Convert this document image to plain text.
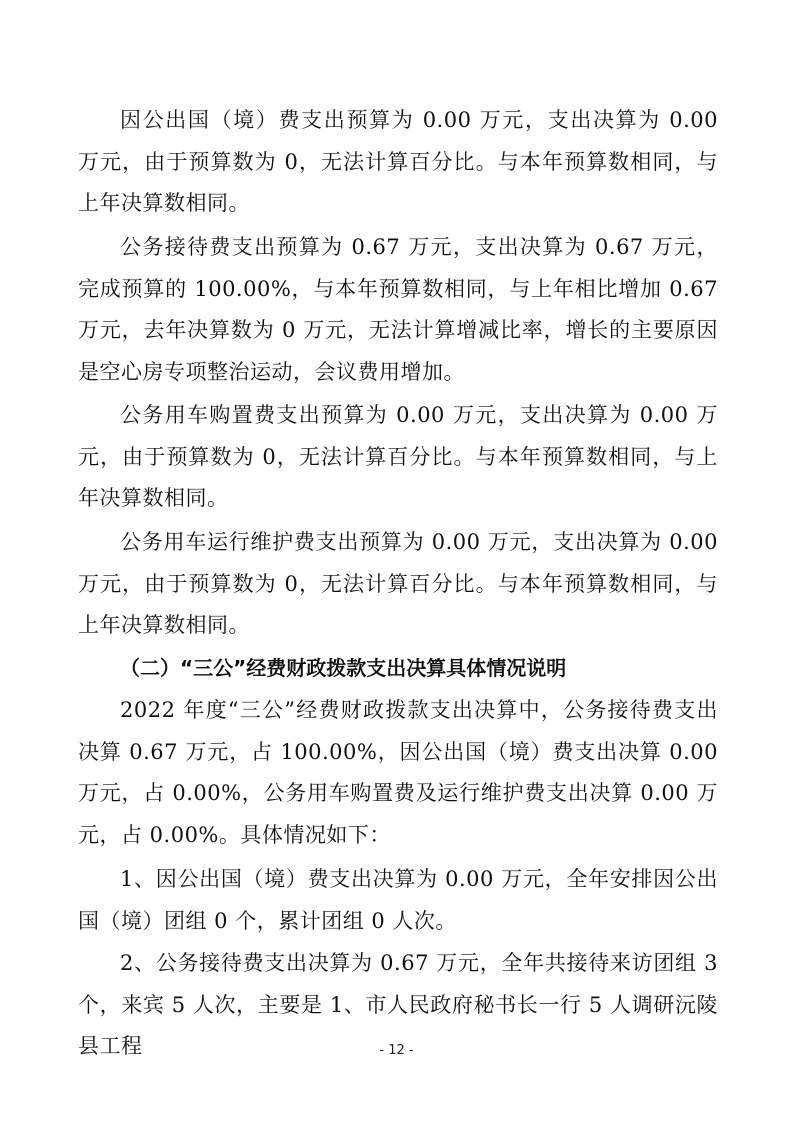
因公出国（境）费支出预算为 0.00 万元，支出决算为 0.00 万元，由于预算数为 0，无法计算百分比。与本年预算数相同，与上年决算数相同。

公务接待费支出预算为 0.67 万元，支出决算为 0.67 万元，完成预算的 100.00%，与本年预算数相同，与上年相比增加 0.67 万元，去年决算数为 0 万元，无法计算增减比率，增长的主要原因是空心房专项整治运动，会议费用增加。

公务用车购置费支出预算为 0.00 万元，支出决算为 0.00 万元，由于预算数为 0，无法计算百分比。与本年预算数相同，与上年决算数相同。

公务用车运行维护费支出预算为 0.00 万元，支出决算为 0.00 万元，由于预算数为 0，无法计算百分比。与本年预算数相同，与上年决算数相同。

（二）“三公”经费财政拨款支出决算具体情况说明

2022 年度“三公”经费财政拨款支出决算中，公务接待费支出决算 0.67 万元，占 100.00%，因公出国（境）费支出决算 0.00 万元，占 0.00%，公务用车购置费及运行维护费支出决算 0.00 万元，占 0.00%。具体情况如下：

1、因公出国（境）费支出决算为 0.00 万元，全年安排因公出国（境）团组 0 个，累计团组 0 人次。

2、公务接待费支出决算为 0.67 万元，全年共接待来访团组 3 个，来宾 5 人次，主要是 1、市人民政府秘书长一行 5 人调研沅陵县工程	- 12 -
